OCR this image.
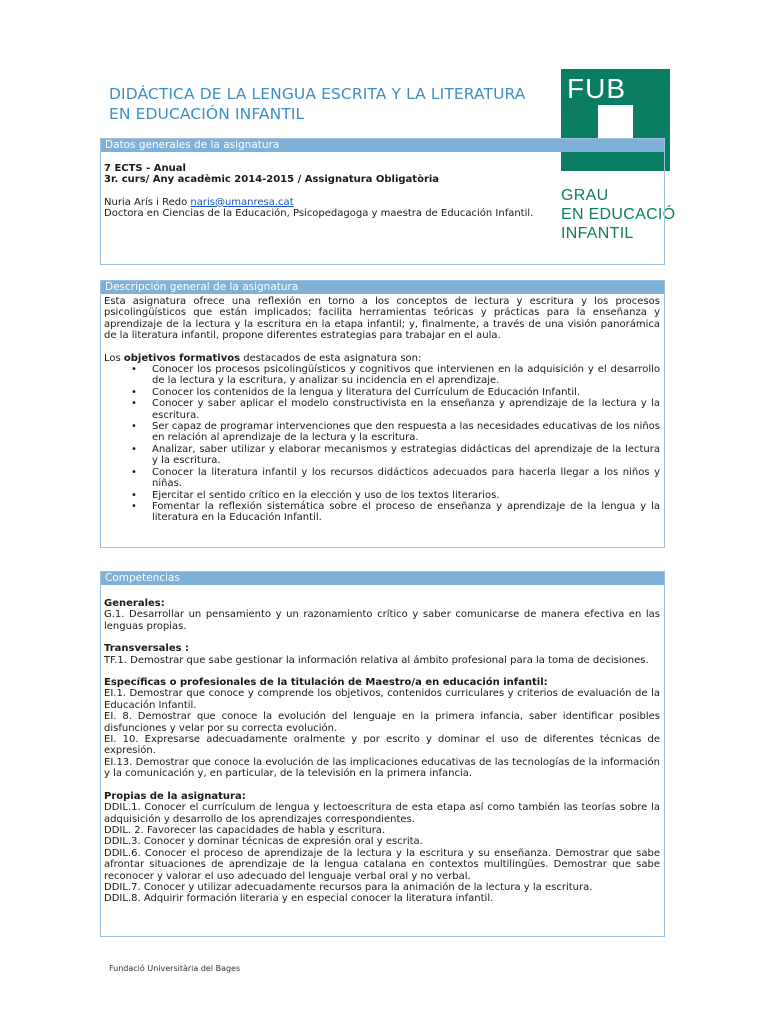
DIDÁCTICA DE LA LENGUA ESCRITA Y LA LITERATURA
EN EDUCACIÓN INFANTIL
FUB
GRAU
EN EDUCACIÓ
INFANTIL
Datos generales de la asignatura

7 ECTS - Anual

3r. curs/ Any acadèmic 2014-2015 / Assignatura Obligatòria

Nuria Arís i Redo naris@umanresa.cat

Doctora en Ciencias de la Educación, Psicopedagoga y maestra de Educación Infantil.

Descripción general de la asignatura

Esta asignatura ofrece una reflexión en torno a los conceptos de lectura y escritura y los procesos psicolingüísticos que están implicados; facilita herramientas teóricas y prácticas para la enseñanza y aprendizaje de la lectura y la escritura en la etapa infantil; y, finalmente, a través de una visión panorámica de la literatura infantil, propone diferentes estrategias para trabajar en el aula.

Los objetivos formativos destacados de esta asignatura son:

• Conocer los procesos psicolingüísticos y cognitivos que intervienen en la adquisición y el desarrollo de la lectura y la escritura, y analizar su incidencia en el aprendizaje.
• Conocer los contenidos de la lengua y literatura del Currículum de Educación Infantil.
• Conocer y saber aplicar el modelo constructivista en la enseñanza y aprendizaje de la lectura y la escritura.
• Ser capaz de programar intervenciones que den respuesta a las necesidades educativas de los niños en relación al aprendizaje de la lectura y la escritura.
• Analizar, saber utilizar y elaborar mecanismos y estrategias didácticas del aprendizaje de la lectura y la escritura.
• Conocer la literatura infantil y los recursos didácticos adecuados para hacerla llegar a los niños y niñas.
• Ejercitar el sentido crítico en la elección y uso de los textos literarios.
• Fomentar la reflexión sistemática sobre el proceso de enseñanza y aprendizaje de la lengua y la literatura en la Educación Infantil.
Competencias

Generales:

G.1. Desarrollar un pensamiento y un razonamiento crítico y saber comunicarse de manera efectiva en las lenguas propias.

Transversales :

TF.1. Demostrar que sabe gestionar la información relativa al ámbito profesional para la toma de decisiones.

Específicas o profesionales de la titulación de Maestro/a en educación infantil:

EI.1. Demostrar que conoce y comprende los objetivos, contenidos curriculares y criterios de evaluación de la Educación Infantil.

EI. 8. Demostrar que conoce la evolución del lenguaje en la primera infancia, saber identificar posibles disfunciones y velar por su correcta evolución.

EI. 10. Expresarse adecuadamente oralmente y por escrito y dominar el uso de diferentes técnicas de expresión.

EI.13. Demostrar que conoce la evolución de las implicaciones educativas de las tecnologías de la información y la comunicación y, en particular, de la televisión en la primera infancia.

Propias de la asignatura:

DDIL.1. Conocer el currículum de lengua y lectoescritura de esta etapa así como también las teorías sobre la adquisición y desarrollo de los aprendizajes correspondientes.

DDIL. 2. Favorecer las capacidades de habla y escritura.

DDIL.3. Conocer y dominar técnicas de expresión oral y escrita.

DDIL.6. Conocer el proceso de aprendizaje de la lectura y la escritura y su enseñanza. Demostrar que sabe afrontar situaciones de aprendizaje de la lengua catalana en contextos multilingües. Demostrar que sabe reconocer y valorar el uso adecuado del lenguaje verbal oral y no verbal.

DDIL.7. Conocer y utilizar adecuadamente recursos para la animación de la lectura y la escritura.

DDIL.8. Adquirir formación literaria y en especial conocer la literatura infantil.

Fundació Universitària del Bages
